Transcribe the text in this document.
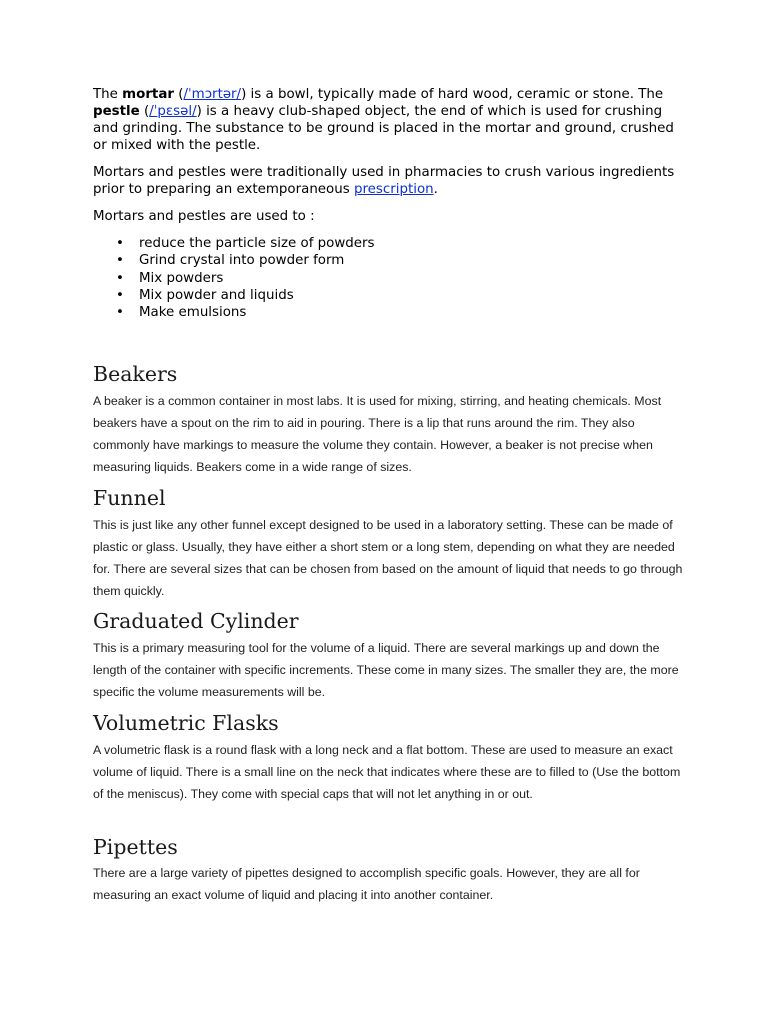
The mortar (/ˈmɔrtər/) is a bowl, typically made of hard wood, ceramic or stone. The pestle (/ˈpɛsəl/) is a heavy club-shaped object, the end of which is used for crushing and grinding. The substance to be ground is placed in the mortar and ground, crushed or mixed with the pestle.

Mortars and pestles were traditionally used in pharmacies to crush various ingredients prior to preparing an extemporaneous prescription.

Mortars and pestles are used to :

• reduce the particle size of powders
• Grind crystal into powder form
• Mix powders
• Mix powder and liquids
• Make emulsions
Beakers

A beaker is a common container in most labs. It is used for mixing, stirring, and heating chemicals. Most beakers have a spout on the rim to aid in pouring. There is a lip that runs around the rim. They also commonly have markings to measure the volume they contain. However, a beaker is not precise when measuring liquids. Beakers come in a wide range of sizes.

Funnel

This is just like any other funnel except designed to be used in a laboratory setting. These can be made of plastic or glass. Usually, they have either a short stem or a long stem, depending on what they are needed for. There are several sizes that can be chosen from based on the amount of liquid that needs to go through them quickly.

Graduated Cylinder

This is a primary measuring tool for the volume of a liquid. There are several markings up and down the length of the container with specific increments. These come in many sizes. The smaller they are, the more specific the volume measurements will be.

Volumetric Flasks

A volumetric flask is a round flask with a long neck and a flat bottom. These are used to measure an exact volume of liquid. There is a small line on the neck that indicates where these are to filled to (Use the bottom of the meniscus). They come with special caps that will not let anything in or out.

Pipettes

There are a large variety of pipettes designed to accomplish specific goals. However, they are all for measuring an exact volume of liquid and placing it into another container.
